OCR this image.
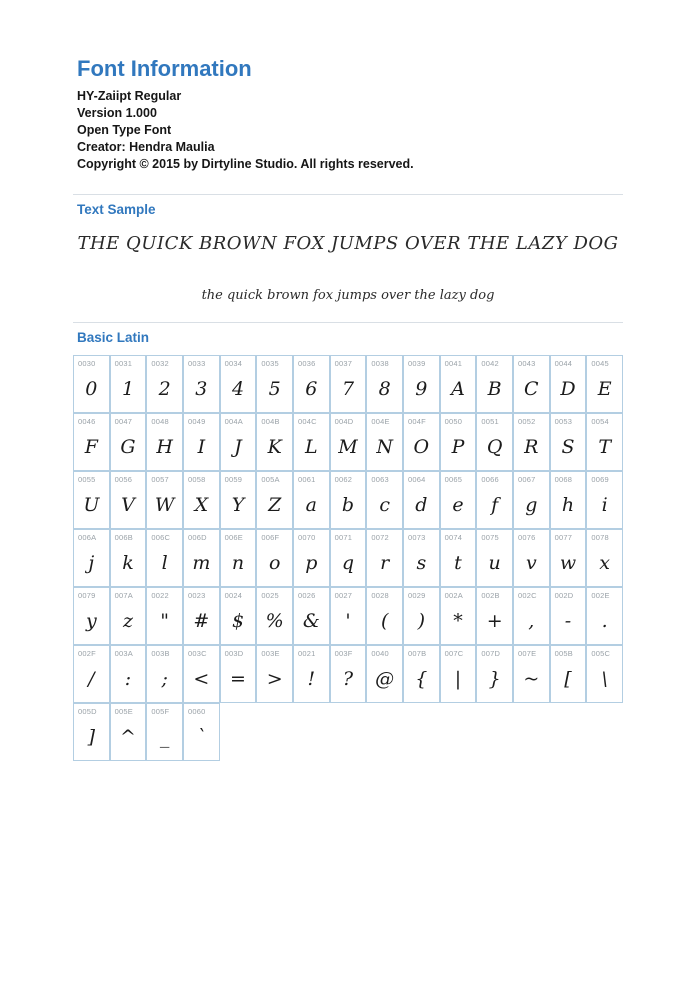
Font Information
HY-Zaiipt Regular
Version 1.000
Open Type Font
Creator: Hendra Maulia
Copyright © 2015 by Dirtyline Studio. All rights reserved.
Text Sample
THE QUICK BROWN FOX JUMPS OVER THE LAZY DOG
the quick brown fox jumps over the lazy dog
Basic Latin
0030
0
0031
1
0032
2
0033
3
0034
4
0035
5
0036
6
0037
7
0038
8
0039
9
0041
A
0042
B
0043
C
0044
D
0045
E
0046
F
0047
G
0048
H
0049
I
004A
J
004B
K
004C
L
004D
M
004E
N
004F
O
0050
P
0051
Q
0052
R
0053
S
0054
T
0055
U
0056
V
0057
W
0058
X
0059
Y
005A
Z
0061
a
0062
b
0063
c
0064
d
0065
e
0066
f
0067
g
0068
h
0069
i
006A
j
006B
k
006C
l
006D
m
006E
n
006F
o
0070
p
0071
q
0072
r
0073
s
0074
t
0075
u
0076
v
0077
w
0078
x
0079
y
007A
z
0022
"
0023
#
0024
$
0025
%
0026
&
0027
'
0028
(
0029
)
002A
*
002B
+
002C
,
002D
-
002E
.
002F
/
003A
:
003B
;
003C
<
003D
=
003E
>
0021
!
003F
?
0040
@
007B
{
007C
|
007D
}
007E
~
005B
[
005C
\
005D
]
005E
^
005F
_
0060
`
